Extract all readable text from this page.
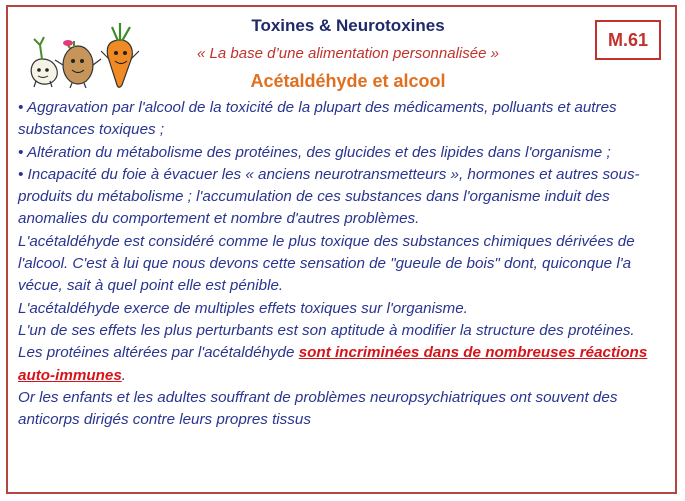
Toxines & Neurotoxines
« La base d’une alimentation personnalisée »
Acétaldéhyde et alcool
M.61

• Aggravation par l'alcool de la toxicité de la plupart des médicaments, polluants et autres substances toxiques ;

• Altération du métabolisme des protéines, des glucides et des lipides dans l'organisme ;

• Incapacité du foie à évacuer les « anciens neurotransmetteurs », hormones et autres sous-produits du métabolisme ; l'accumulation de ces substances dans l'organisme induit des anomalies du comportement et nombre d'autres problèmes.

L'acétaldéhyde est considéré comme le plus toxique des substances chimiques dérivées de l'alcool. C'est à lui que nous devons cette sensation de "gueule de bois" dont, quiconque l'a vécue, sait à quel point elle est pénible.

L'acétaldéhyde exerce de multiples effets toxiques sur l'organisme.

L'un de ses effets les plus perturbants est son aptitude à modifier la structure des protéines.

Les protéines altérées par l'acétaldéhyde sont incriminées dans de nombreuses réactions auto-immunes.

Or les enfants et les adultes souffrant de problèmes neuropsychiatriques ont souvent des anticorps dirigés contre leurs propres tissus
